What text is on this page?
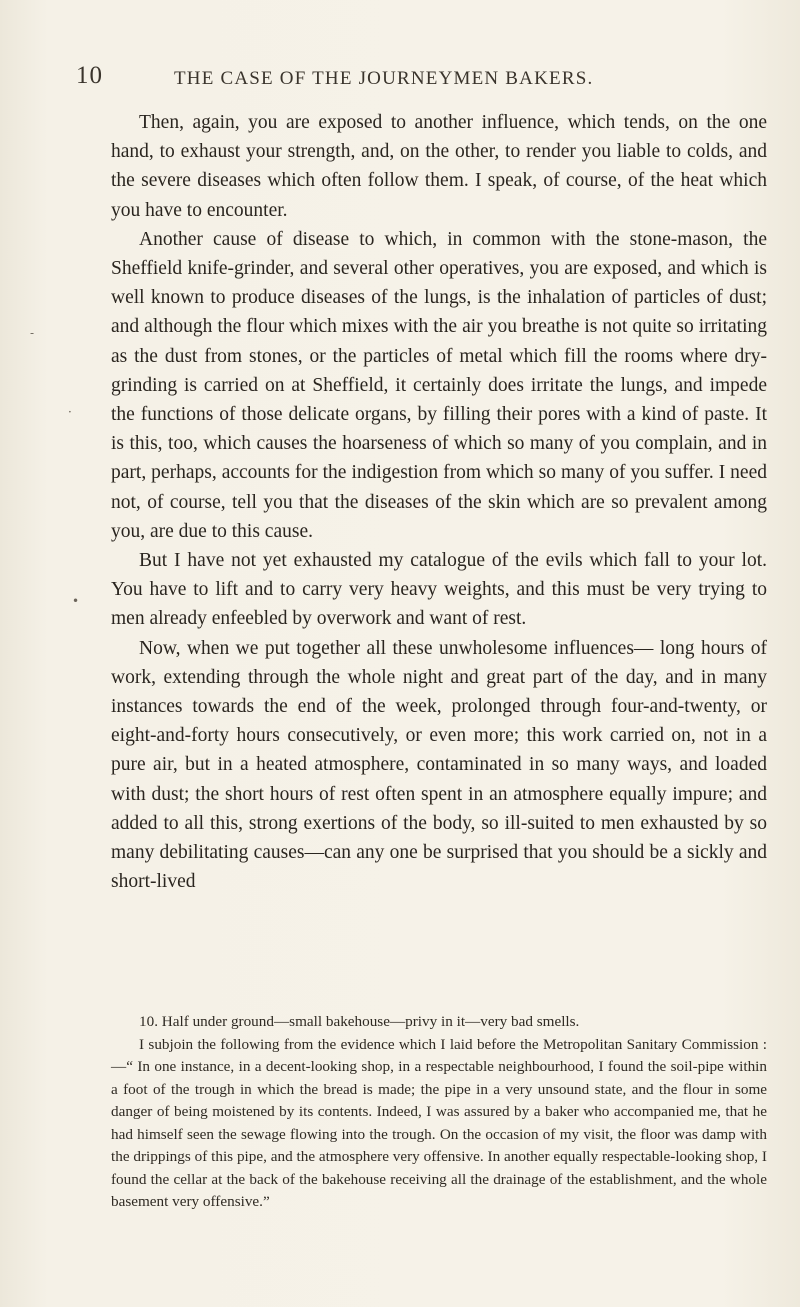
10	THE CASE OF THE JOURNEYMEN BAKERS.
-
·
•

Then, again, you are exposed to another influence, which tends, on the one hand, to exhaust your strength, and, on the other, to render you liable to colds, and the severe diseases which often follow them. I speak, of course, of the heat which you have to encounter.

Another cause of disease to which, in common with the stone-mason, the Sheffield knife-grinder, and several other operatives, you are exposed, and which is well known to produce diseases of the lungs, is the inhalation of particles of dust; and although the flour which mixes with the air you breathe is not quite so irritating as the dust from stones, or the particles of metal which fill the rooms where dry-grinding is carried on at Sheffield, it certainly does irritate the lungs, and impede the functions of those delicate organs, by filling their pores with a kind of paste. It is this, too, which causes the hoarseness of which so many of you complain, and in part, perhaps, accounts for the indigestion from which so many of you suffer. I need not, of course, tell you that the diseases of the skin which are so prevalent among you, are due to this cause.

But I have not yet exhausted my catalogue of the evils which fall to your lot. You have to lift and to carry very heavy weights, and this must be very trying to men already enfeebled by overwork and want of rest.

Now, when we put together all these unwholesome influences— long hours of work, extending through the whole night and great part of the day, and in many instances towards the end of the week, prolonged through four-and-twenty, or eight-and-forty hours consecutively, or even more; this work carried on, not in a pure air, but in a heated atmosphere, contaminated in so many ways, and loaded with dust; the short hours of rest often spent in an atmosphere equally impure; and added to all this, strong exertions of the body, so ill-suited to men exhausted by so many debilitating causes—can any one be surprised that you should be a sickly and short-lived

10. Half under ground—small bakehouse—privy in it—very bad smells.

I subjoin the following from the evidence which I laid before the Metropolitan Sanitary Commission :—“ In one instance, in a decent-looking shop, in a respectable neighbourhood, I found the soil-pipe within a foot of the trough in which the bread is made; the pipe in a very unsound state, and the flour in some danger of being moistened by its contents. Indeed, I was assured by a baker who accompanied me, that he had himself seen the sewage flowing into the trough. On the occasion of my visit, the floor was damp with the drippings of this pipe, and the atmosphere very offensive. In another equally respectable-looking shop, I found the cellar at the back of the bakehouse receiving all the drainage of the establishment, and the whole basement very offensive.”
